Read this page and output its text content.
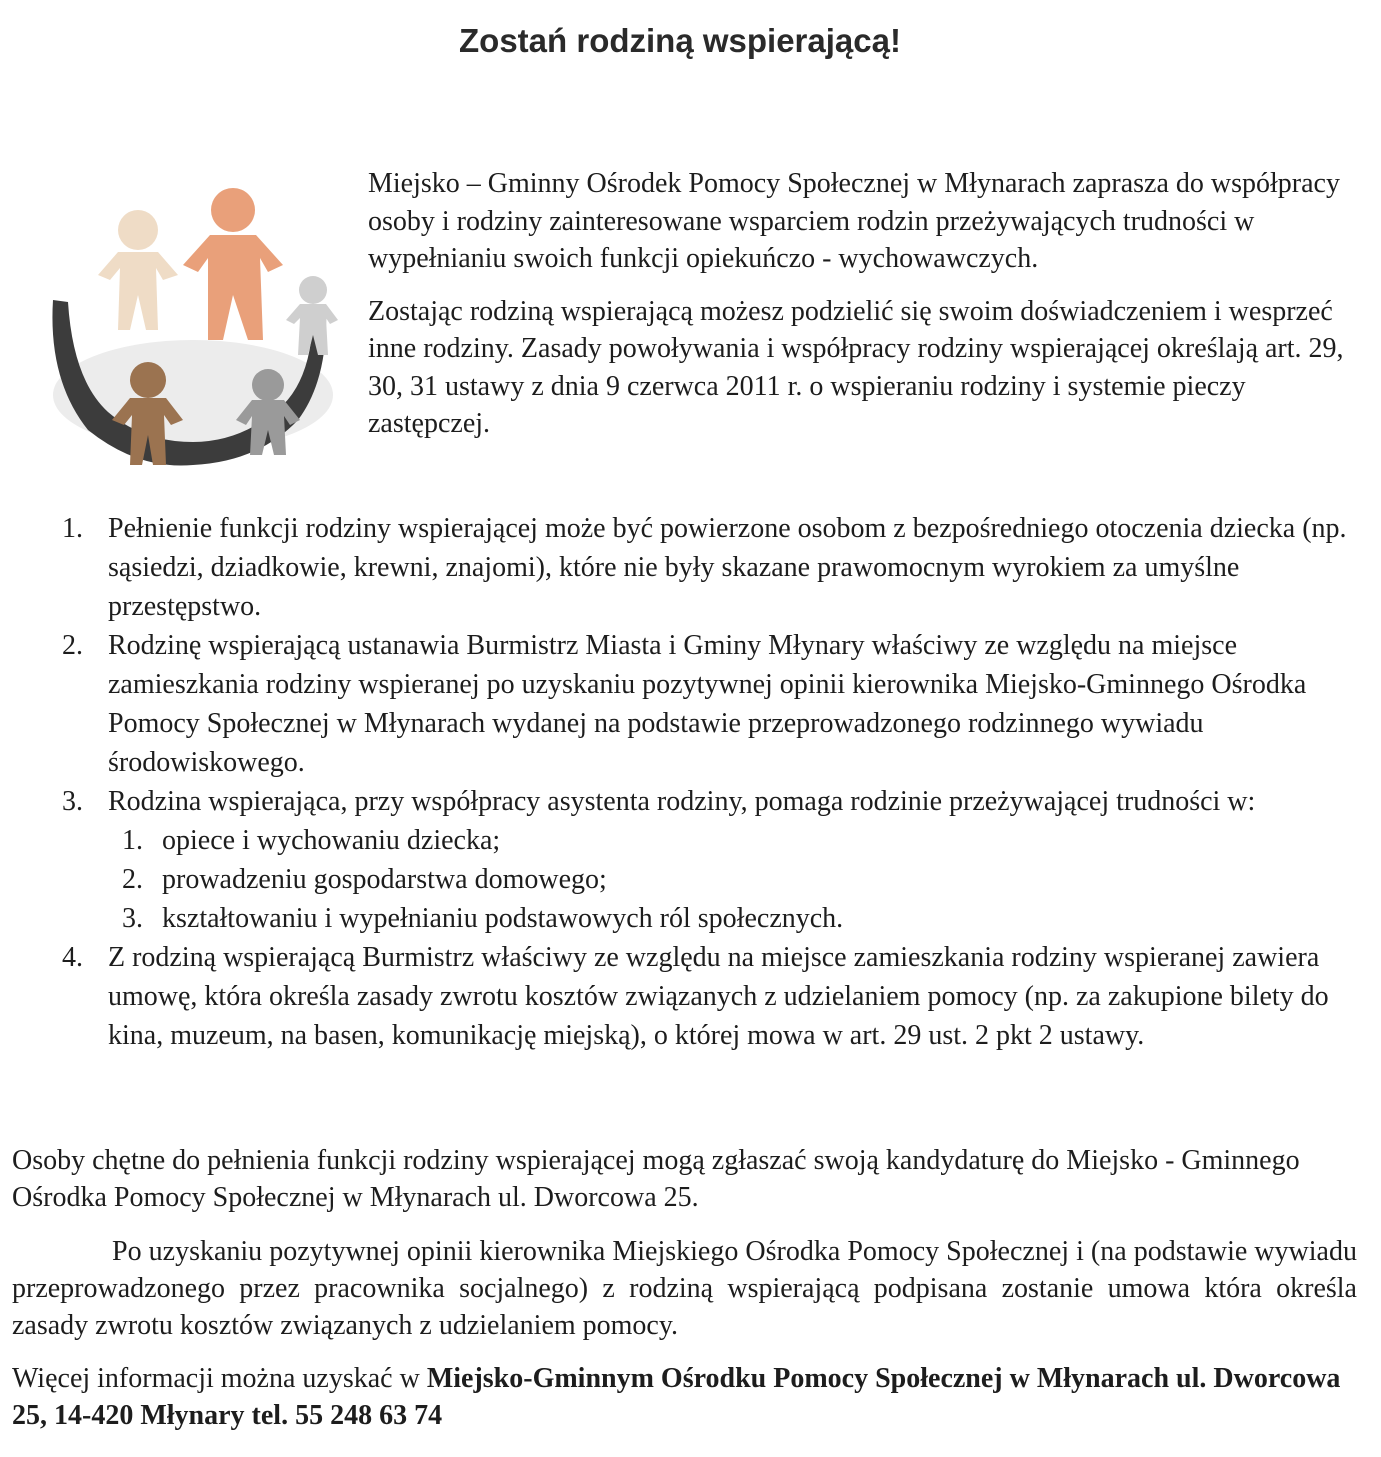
Zostań rodziną wspierającą!

Miejsko – Gminny Ośrodek Pomocy Społecznej w Młynarach zaprasza do współpracy osoby i rodziny zainteresowane wsparciem rodzin przeżywających trudności w wypełnianiu swoich funkcji opiekuńczo - wychowawczych.

Zostając rodziną wspierającą możesz podzielić się swoim doświadczeniem i wesprzeć inne rodziny. Zasady powoływania i współpracy rodziny wspierającej określają art. 29, 30, 31 ustawy z dnia 9 czerwca 2011 r. o wspieraniu rodziny i systemie pieczy zastępczej.

1. Pełnienie funkcji rodziny wspierającej może być powierzone osobom z bezpośredniego otoczenia dziecka (np. sąsiedzi, dziadkowie, krewni, znajomi), które nie były skazane prawomocnym wyrokiem za umyślne przestępstwo.
2. Rodzinę wspierającą ustanawia Burmistrz Miasta i Gminy Młynary właściwy ze względu na miejsce zamieszkania rodziny wspieranej po uzyskaniu pozytywnej opinii kierownika Miejsko-Gminnego Ośrodka Pomocy Społecznej w Młynarach wydanej na podstawie przeprowadzonego rodzinnego wywiadu środowiskowego.
3. Rodzina wspierająca, przy współpracy asystenta rodziny, pomaga rodzinie przeżywającej trudności w:
1. opiece i wychowaniu dziecka;
2. prowadzeniu gospodarstwa domowego;
3. kształtowaniu i wypełnianiu podstawowych ról społecznych.
4. Z rodziną wspierającą Burmistrz właściwy ze względu na miejsce zamieszkania rodziny wspieranej zawiera umowę, która określa zasady zwrotu kosztów związanych z udzielaniem pomocy (np. za zakupione bilety do kina, muzeum, na basen, komunikację miejską), o której mowa w art. 29 ust. 2 pkt 2 ustawy.

Osoby chętne do pełnienia funkcji rodziny wspierającej mogą zgłaszać swoją kandydaturę do Miejsko - Gminnego Ośrodka Pomocy Społecznej w Młynarach ul. Dworcowa 25.

Po uzyskaniu pozytywnej opinii kierownika Miejskiego Ośrodka Pomocy Społecznej i (na podstawie wywiadu przeprowadzonego przez pracownika socjalnego) z rodziną wspierającą podpisana zostanie umowa która określa zasady zwrotu kosztów związanych z udzielaniem pomocy.

Więcej informacji można uzyskać w Miejsko-Gminnym Ośrodku Pomocy Społecznej w Młynarach ul. Dworcowa 25, 14-420 Młynary tel. 55 248 63 74
